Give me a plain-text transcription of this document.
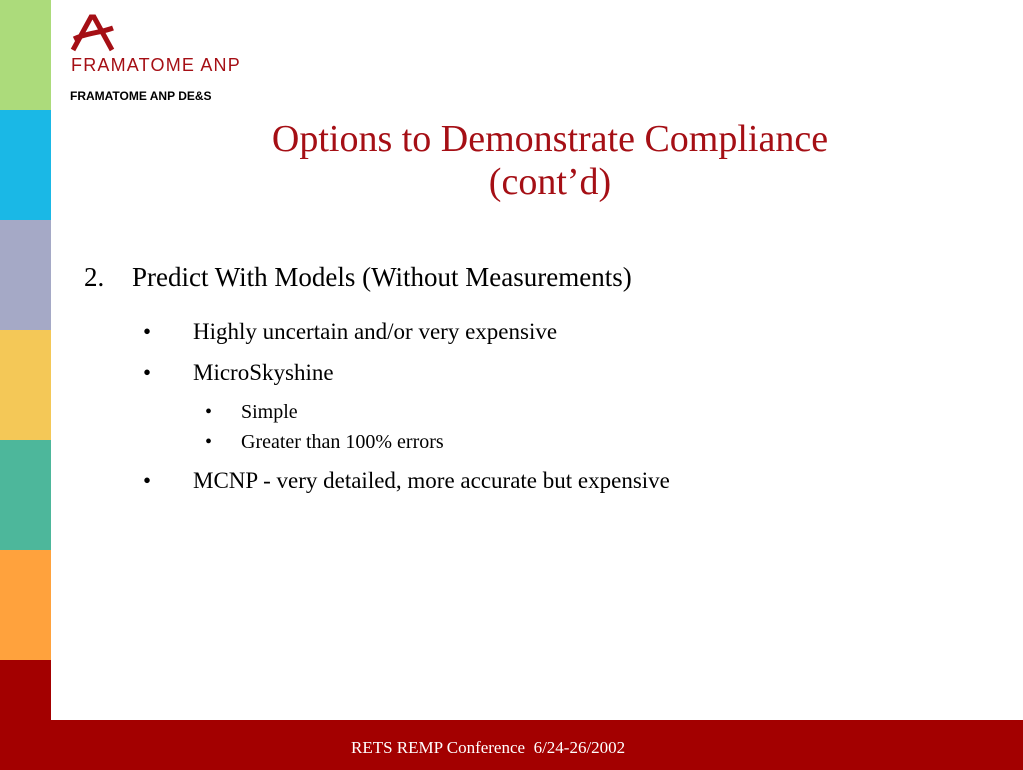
FRAMATOME ANP
FRAMATOME ANP DE&S
Options to Demonstrate Compliance
(cont’d)
2. Predict With Models (Without Measurements)
• Highly uncertain and/or very expensive
• MicroSkyshine
• Simple
• Greater than 100% errors
• MCNP - very detailed, more accurate but expensive
RETS REMP Conference  6/24-26/2002
